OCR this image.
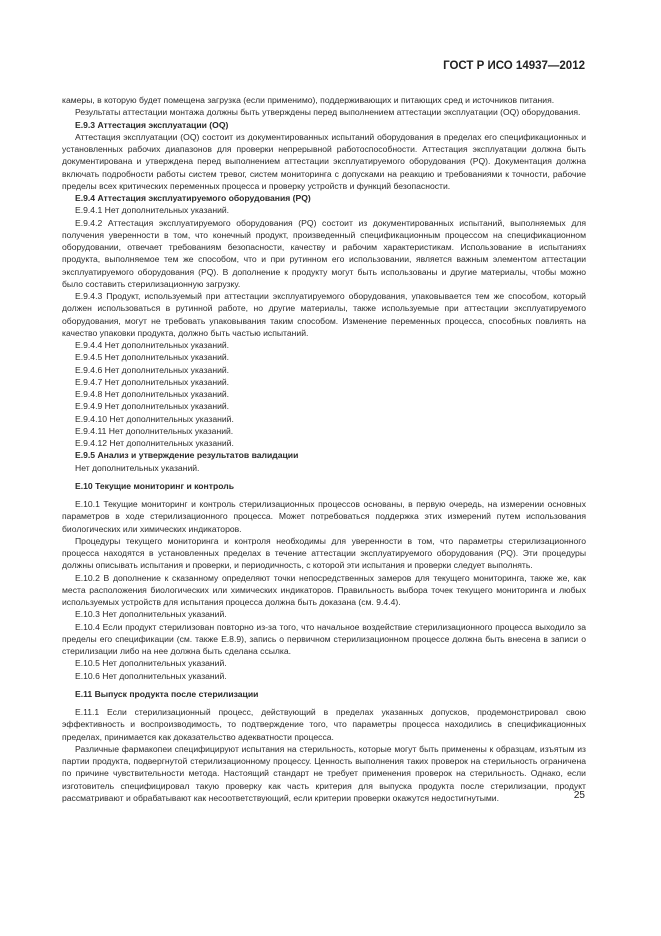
ГОСТ Р ИСО 14937—2012

камеры, в которую будет помещена загрузка (если применимо), поддерживающих и питающих сред и источников питания.

Результаты аттестации монтажа должны быть утверждены перед выполнением аттестации эксплуатации (OQ) оборудования.

Е.9.3 Аттестация эксплуатации (OQ)

Аттестация эксплуатации (OQ) состоит из документированных испытаний оборудования в пределах его спецификационных и установленных рабочих диапазонов для проверки непрерывной работоспособности. Аттестация эксплуатации должна быть документирована и утверждена перед выполнением аттестации эксплуатируемого оборудования (PQ). Документация должна включать подробности работы систем тревог, систем мониторинга с допусками на реакцию и требованиями к точности, рабочие пределы всех критических переменных процесса и проверку устройств и функций безопасности.

Е.9.4 Аттестация эксплуатируемого оборудования (PQ)

Е.9.4.1 Нет дополнительных указаний.

Е.9.4.2 Аттестация эксплуатируемого оборудования (PQ) состоит из документированных испытаний, выполняемых для получения уверенности в том, что конечный продукт, произведенный спецификационным процессом на спецификационном оборудовании, отвечает требованиям безопасности, качеству и рабочим характеристикам. Использование в испытаниях продукта, выполняемое тем же способом, что и при рутинном его использовании, является важным элементом аттестации эксплуатируемого оборудования (PQ). В дополнение к продукту могут быть использованы и другие материалы, чтобы можно было составить стерилизационную загрузку.

Е.9.4.3 Продукт, используемый при аттестации эксплуатируемого оборудования, упаковывается тем же способом, который должен использоваться в рутинной работе, но другие материалы, также используемые при аттестации эксплуатируемого оборудования, могут не требовать упаковывания таким способом. Изменение переменных процесса, способных повлиять на качество упаковки продукта, должно быть частью испытаний.

Е.9.4.4 Нет дополнительных указаний.

Е.9.4.5 Нет дополнительных указаний.

Е.9.4.6 Нет дополнительных указаний.

Е.9.4.7 Нет дополнительных указаний.

Е.9.4.8 Нет дополнительных указаний.

Е.9.4.9 Нет дополнительных указаний.

Е.9.4.10 Нет дополнительных указаний.

Е.9.4.11 Нет дополнительных указаний.

Е.9.4.12 Нет дополнительных указаний.

Е.9.5 Анализ и утверждение результатов валидации

Нет дополнительных указаний.

Е.10 Текущие мониторинг и контроль

Е.10.1 Текущие мониторинг и контроль стерилизационных процессов основаны, в первую очередь, на измерении основных параметров в ходе стерилизационного процесса. Может потребоваться поддержка этих измерений путем использования биологических или химических индикаторов.

Процедуры текущего мониторинга и контроля необходимы для уверенности в том, что параметры стерилизационного процесса находятся в установленных пределах в течение аттестации эксплуатируемого оборудования (PQ). Эти процедуры должны описывать испытания и проверки, и периодичность, с которой эти испытания и проверки следует выполнять.

Е.10.2 В дополнение к сказанному определяют точки непосредственных замеров для текущего мониторинга, также же, как места расположения биологических или химических индикаторов. Правильность выбора точек текущего мониторинга и любых используемых устройств для испытания процесса должна быть доказана (см. 9.4.4).

Е.10.3 Нет дополнительных указаний.

Е.10.4 Если продукт стерилизован повторно из-за того, что начальное воздействие стерилизационного процесса выходило за пределы его спецификации (см. также Е.8.9), запись о первичном стерилизационном процессе должна быть внесена в записи о стерилизации либо на нее должна быть сделана ссылка.

Е.10.5 Нет дополнительных указаний.

Е.10.6 Нет дополнительных указаний.

Е.11 Выпуск продукта после стерилизации

Е.11.1 Если стерилизационный процесс, действующий в пределах указанных допусков, продемонстрировал свою эффективность и воспроизводимость, то подтверждение того, что параметры процесса находились в спецификационных пределах, принимается как доказательство адекватности процесса.

Различные фармакопеи специфицируют испытания на стерильность, которые могут быть применены к образцам, изъятым из партии продукта, подвергнутой стерилизационному процессу. Ценность выполнения таких проверок на стерильность ограничена по причине чувствительности метода. Настоящий стандарт не требует применения проверок на стерильность. Однако, если изготовитель специфицировал такую проверку как часть критерия для выпуска продукта после стерилизации, продукт рассматривают и обрабатывают как несоответствующий, если критерии проверки окажутся недостигнутыми.	25
